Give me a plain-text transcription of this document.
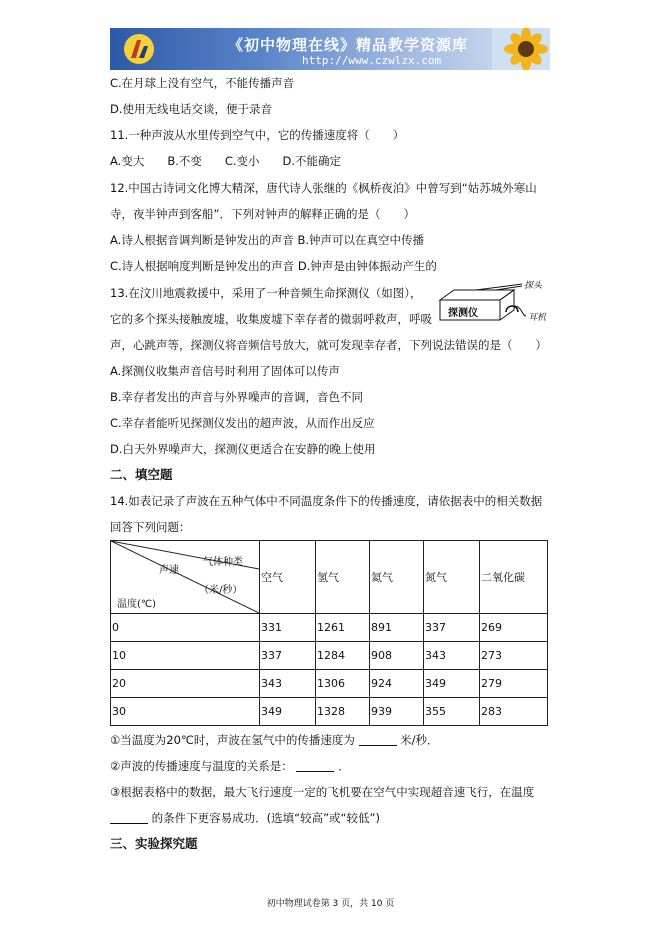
《初中物理在线》精品教学资源库
http://www.czwlzx.com
C.在月球上没有空气，不能传播声音
D.使用无线电话交谈，便于录音
11.一种声波从水里传到空气中，它的传播速度将（　　）
A.变大　　B.不变　　C.变小　　D.不能确定
12.中国古诗词文化博大精深，唐代诗人张继的《枫桥夜泊》中曾写到“姑苏城外寒山
寺，夜半钟声到客船”．下列对钟声的解释正确的是（　　）
A.诗人根据音调判断是钟发出的声音 B.钟声可以在真空中传播
C.诗人根据响度判断是钟发出的声音 D.钟声是由钟体振动产生的
13.在汶川地震救援中，采用了一种音频生命探测仪（如图），
它的多个探头接触废墟，收集废墟下幸存者的微弱呼救声，呼吸
声，心跳声等，探测仪将音频信号放大，就可发现幸存者，下列说法错误的是（　　）
A.探测仪收集声音信号时利用了固体可以传声
B.幸存者发出的声音与外界噪声的音调，音色不同
C.幸存者能听见探测仪发出的超声波，从而作出反应
D.白天外界噪声大，探测仪更适合在安静的晚上使用
二、填空题
14.如表记录了声波在五种气体中不同温度条件下的传播速度，请依据表中的相关数据
回答下列问题：
探测仪
探头
耳机
气体种类
声速
（米/秒）
温度(℃)	空气	氢气	氦气	氮气	二氧化碳
0	331	1261	891	337	269
10	337	1284	908	343	273
20	343	1306	924	349	279
30	349	1328	939	355	283
①当温度为20℃时，声波在氢气中的传播速度为	米/秒．
②声波的传播速度与温度的关系是：	．
③根据表格中的数据，最大飞行速度一定的飞机要在空气中实现超音速飞行，在温度
的条件下更容易成功．(选填“较高”或“较低”)
三、实验探究题
初中物理试卷第 3 页，共 10 页
